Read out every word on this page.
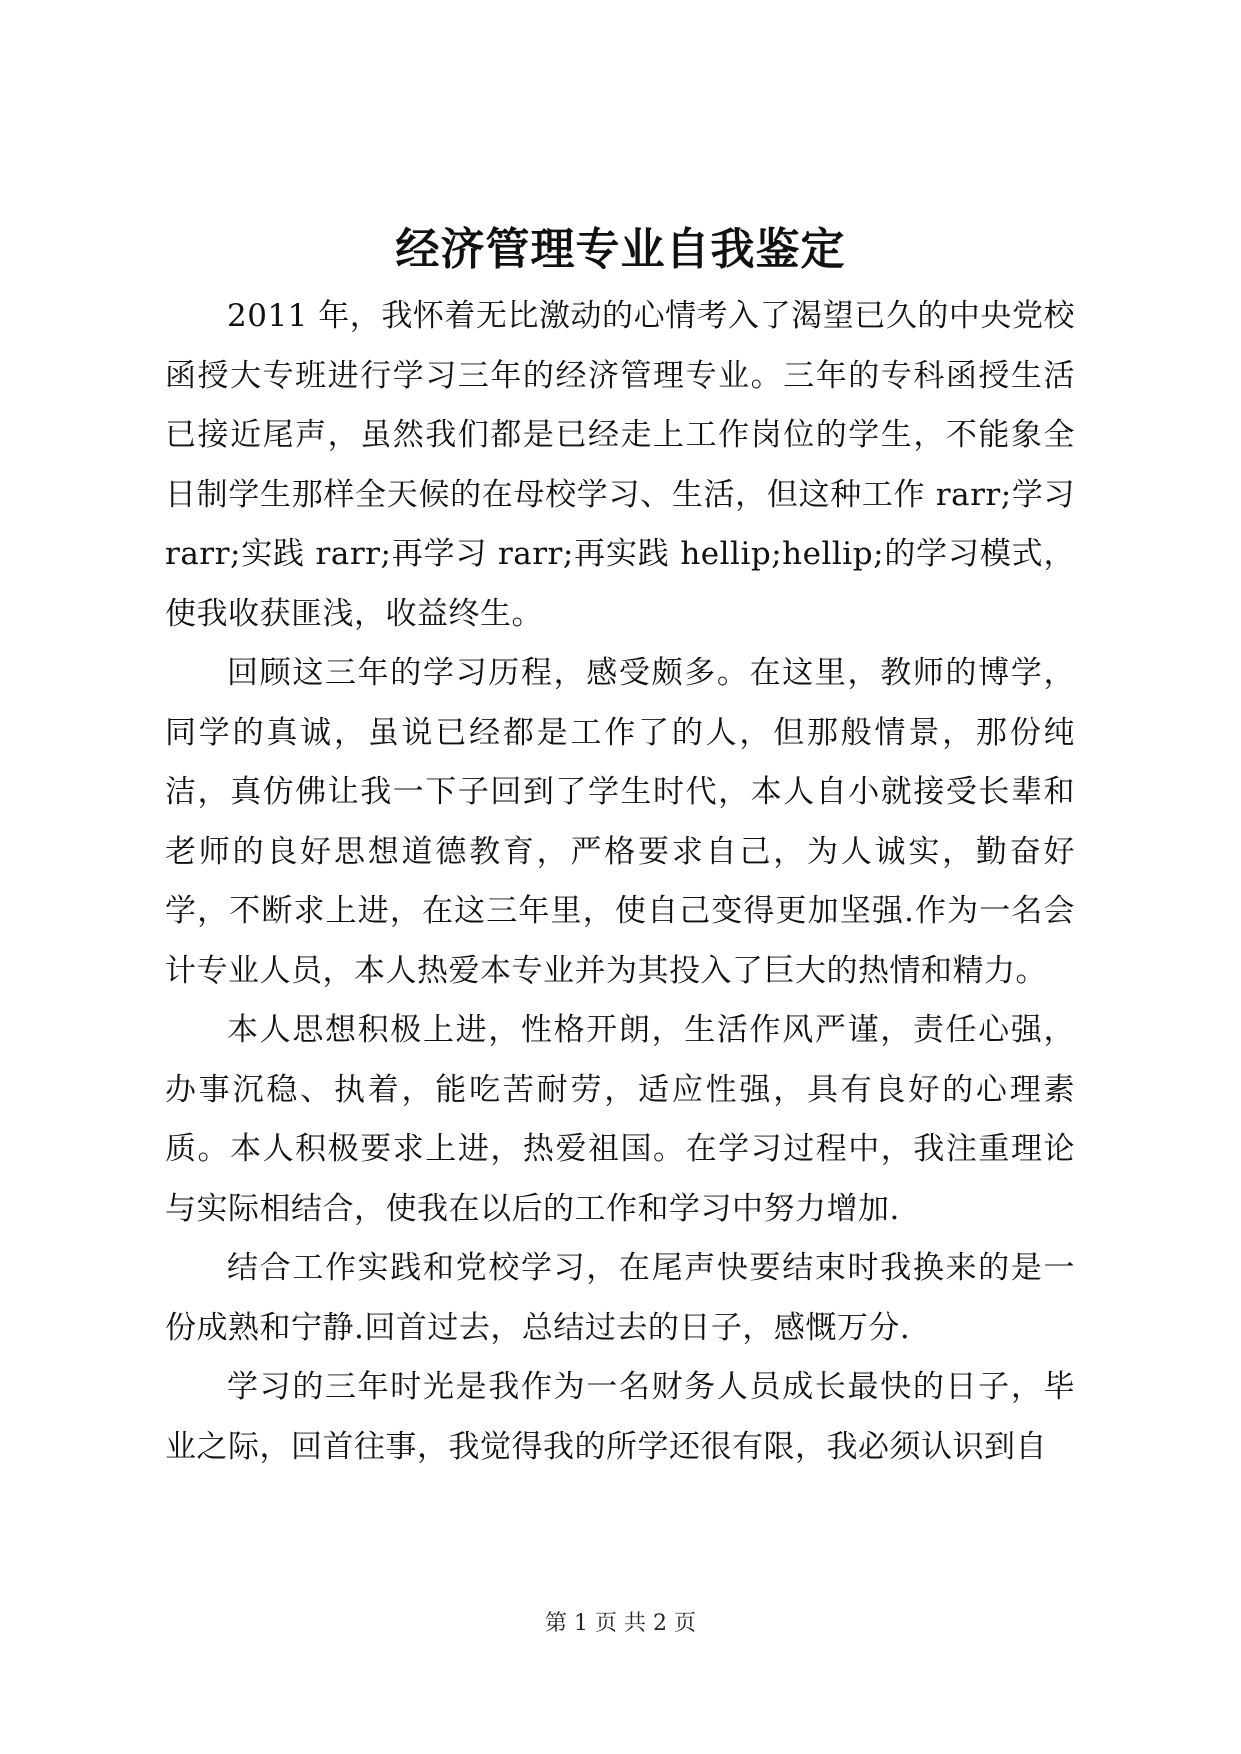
经济管理专业自我鉴定

2011 年，我怀着无比激动的心情考入了渴望已久的中央党校函授大专班进行学习三年的经济管理专业。三年的专科函授生活已接近尾声，虽然我们都是已经走上工作岗位的学生，不能象全日制学生那样全天候的在母校学习、生活，但这种工作 rarr;学习 rarr;实践 rarr;再学习 rarr;再实践 hellip;hellip;的学习模式，使我收获匪浅，收益终生。

回顾这三年的学习历程，感受颇多。在这里，教师的博学，同学的真诚，虽说已经都是工作了的人，但那般情景，那份纯洁，真仿佛让我一下子回到了学生时代，本人自小就接受长辈和老师的良好思想道德教育，严格要求自己，为人诚实，勤奋好学，不断求上进，在这三年里，使自己变得更加坚强.作为一名会计专业人员，本人热爱本专业并为其投入了巨大的热情和精力。

本人思想积极上进，性格开朗，生活作风严谨，责任心强，办事沉稳、执着，能吃苦耐劳，适应性强，具有良好的心理素质。本人积极要求上进，热爱祖国。在学习过程中，我注重理论与实际相结合，使我在以后的工作和学习中努力增加.

结合工作实践和党校学习，在尾声快要结束时我换来的是一份成熟和宁静.回首过去，总结过去的日子，感慨万分.

学习的三年时光是我作为一名财务人员成长最快的日子，毕业之际，回首往事，我觉得我的所学还很有限，我必须认识到自

第 1 页 共 2 页
